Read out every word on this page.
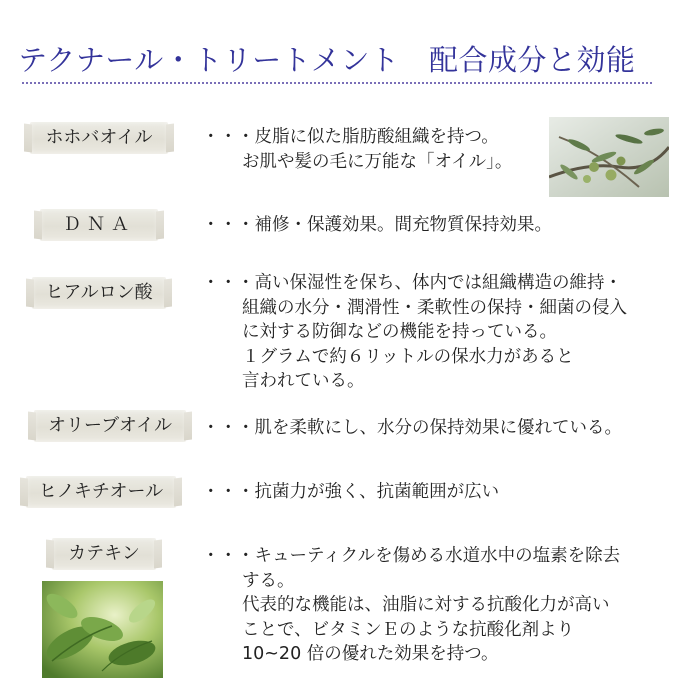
テクナール・トリートメント　配合成分と効能
ホホバオイル	・・・皮脂に似た脂肪酸組織を持つ。
お肌や髪の毛に万能な「オイル」。
ＤＮＡ	・・・補修・保護効果。間充物質保持効果。
ヒアルロン酸	・・・高い保湿性を保ち、体内では組織構造の維持・
組織の水分・潤滑性・柔軟性の保持・細菌の侵入
に対する防御などの機能を持っている。
１グラムで約６リットルの保水力があると
言われている。
オリーブオイル	・・・肌を柔軟にし、水分の保持効果に優れている。
ヒノキチオール	・・・抗菌力が強く、抗菌範囲が広い
カテキン	・・・キューティクルを傷める水道水中の塩素を除去
する。
代表的な機能は、油脂に対する抗酸化力が高い
ことで、ビタミンＥのような抗酸化剤より
10~20 倍の優れた効果を持つ。
